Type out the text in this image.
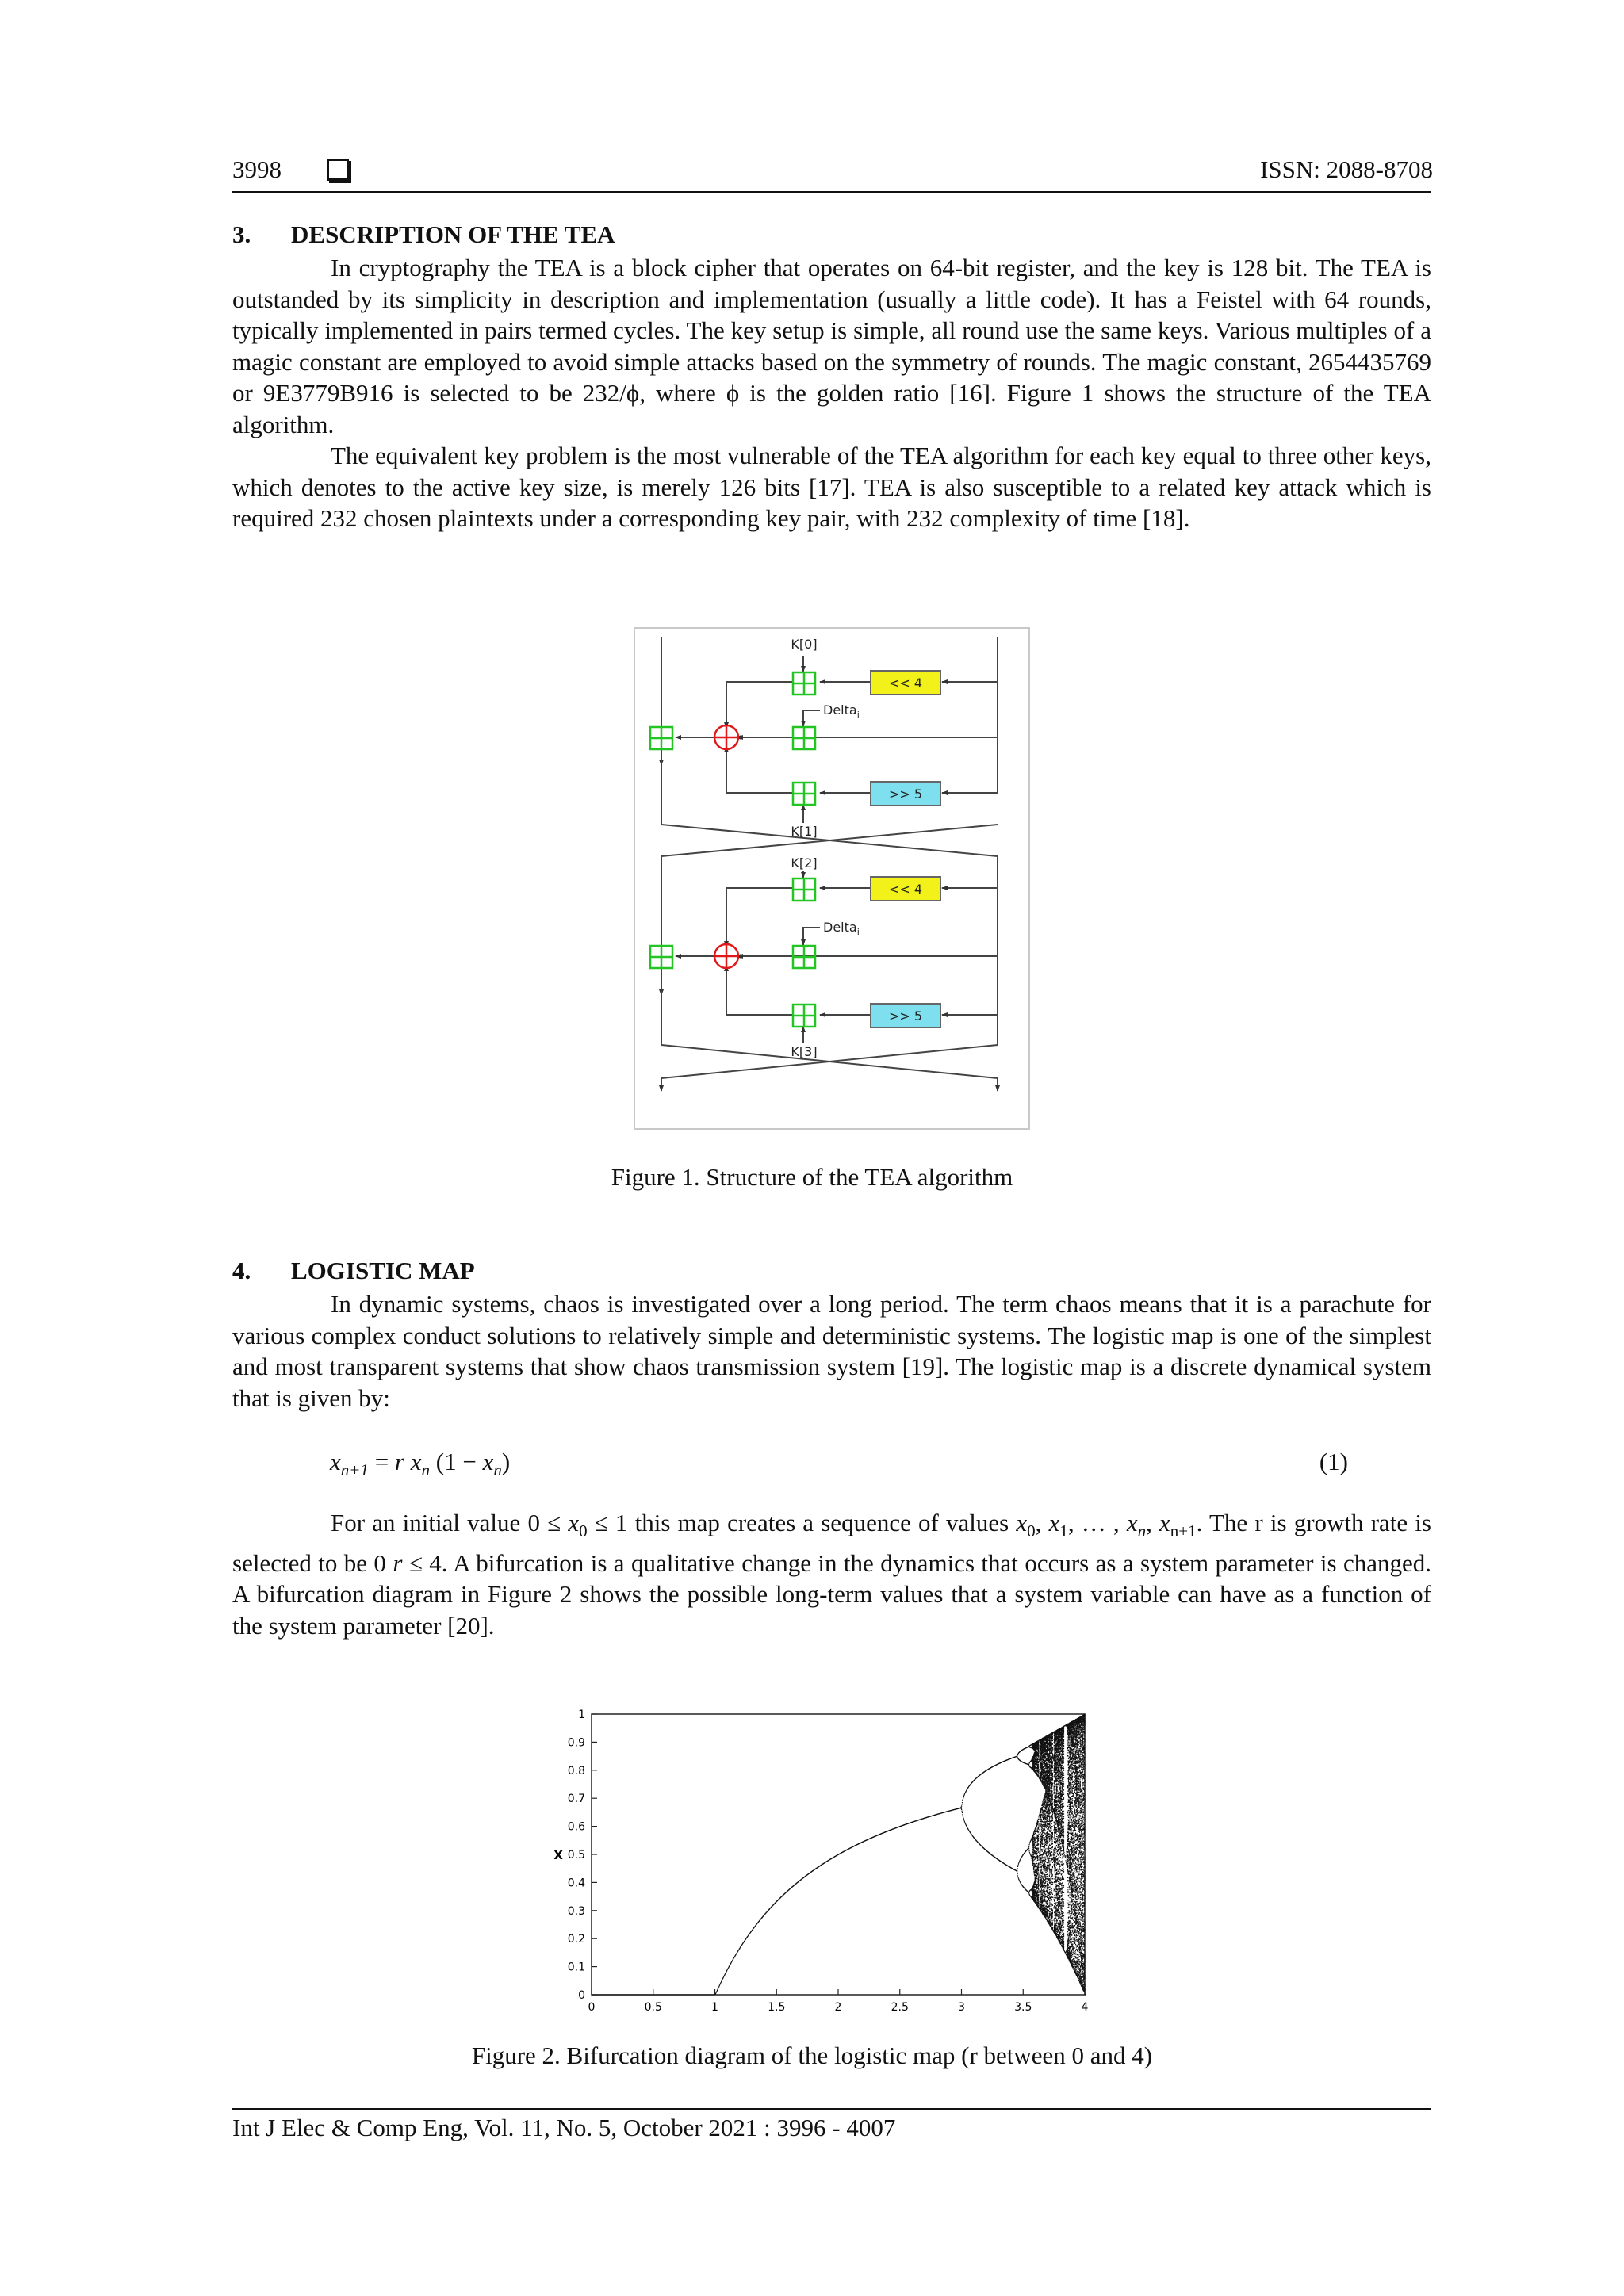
3998	ISSN: 2088-8708
3. DESCRIPTION OF THE TEA

In cryptography the TEA is a block cipher that operates on 64-bit register, and the key is 128 bit. The TEA is outstanded by its simplicity in description and implementation (usually a little code). It has a Feistel with 64 rounds, typically implemented in pairs termed cycles. The key setup is simple, all round use the same keys. Various multiples of a magic constant are employed to avoid simple attacks based on the symmetry of rounds. The magic constant, 2654435769 or 9E3779B916 is selected to be 232/ϕ, where ϕ is the golden ratio [16]. Figure 1 shows the structure of the TEA algorithm.

The equivalent key problem is the most vulnerable of the TEA algorithm for each key equal to three other keys, which denotes to the active key size, is merely 126 bits [17]. TEA is also susceptible to a related key attack which is required 232 chosen plaintexts under a corresponding key pair, with 232 complexity of time [18].

K[0]
K[1]
<< 4
>> 5
Delta$_i$
K[2]
K[3]
<< 4
>> 5
Delta$_i$
Figure 1. Structure of the TEA algorithm
4. LOGISTIC MAP

In dynamic systems, chaos is investigated over a long period. The term chaos means that it is a parachute for various complex conduct solutions to relatively simple and deterministic systems. The logistic map is one of the simplest and most transparent systems that show chaos transmission system [19]. The logistic map is a discrete dynamical system that is given by:

$x_{n+1} = r$ $x_n$ $(1 - x_n)$	(1)

For an initial value $0 \le x_0 \le 1$ this map creates a sequence of values $x_0$, $x_1$, … , $x_n$, $x_{n+1}$. The r is growth rate is selected to be 0 r ≤ 4. A bifurcation is a qualitative change in the dynamics that occurs as a system parameter is changed. A bifurcation diagram in Figure 2 shows the possible long-term values that a system variable can have as a function of the system parameter [20].

0	0.5	1	1.5	2	2.5	3	3.5	4
0
0.1
0.2
0.3
0.4
0.5
0.6
0.7
0.8
0.9
1
X
Figure 2. Bifurcation diagram of the logistic map (r between 0 and 4)
Int J Elec & Comp Eng, Vol. 11, No. 5, October 2021 : 3996 - 4007
